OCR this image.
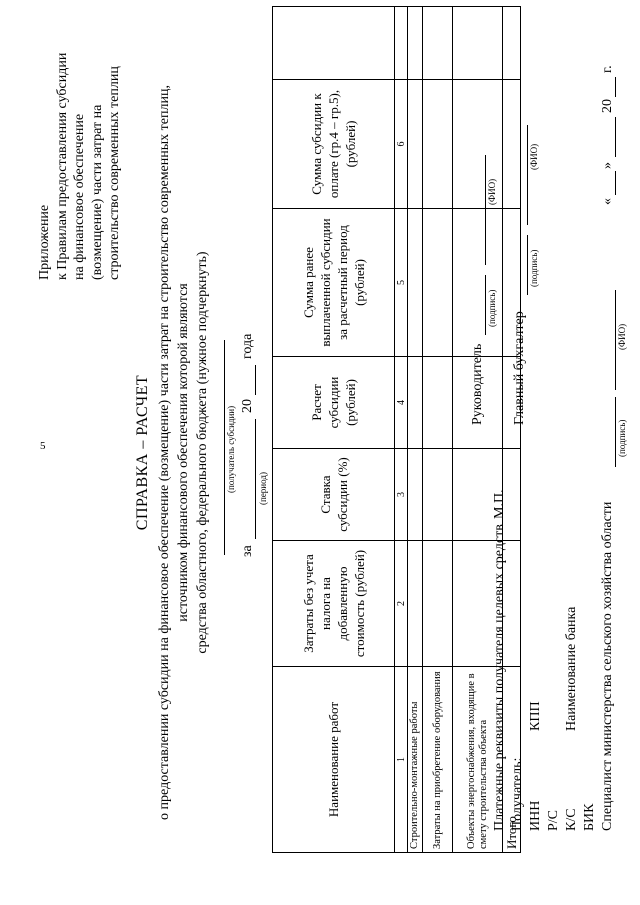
5
Приложение к Правилам предоставления субсидии на финансовое обеспечение (возмещение) части затрат на строительство современных теплиц
СПРАВКА – РАСЧЕТ о предоставлении субсидии на финансовое обеспечение (возмещение) части затрат на строительство современных теплиц, источником финансового обеспечения которой являются средства областного, федерального бюджета (нужное подчеркнуть) (получатель субсидии)
за
20
года
(период)
Наименование работ	Затраты без учета налога на добавленную стоимость (рублей)	Ставка субсидии (%)	Расчет субсидии (рублей)	Сумма ранее выплаченной субсидии за расчетный период (рублей)	Сумма субсидии к оплате (гр.4 – гр.5), (рублей)	
1	2	3	4	5	6	
Строительно-монтажные работы						
Затраты на приобретение оборудования						
Объекты энергоснабжения, входящие в смету строительства объекта						
Итого						
Платежные реквизиты получателя целевых средств Получатель: ИНН
КПП
Р/С К/С
Наименование банка
БИК Специалист министерства сельского хозяйства области
(подпись)
(ФИО)
«
»
20
г.
М.П.
Руководитель
(подпись)
(ФИО)
Главный бухгалтер
(подпись)
(ФИО)
